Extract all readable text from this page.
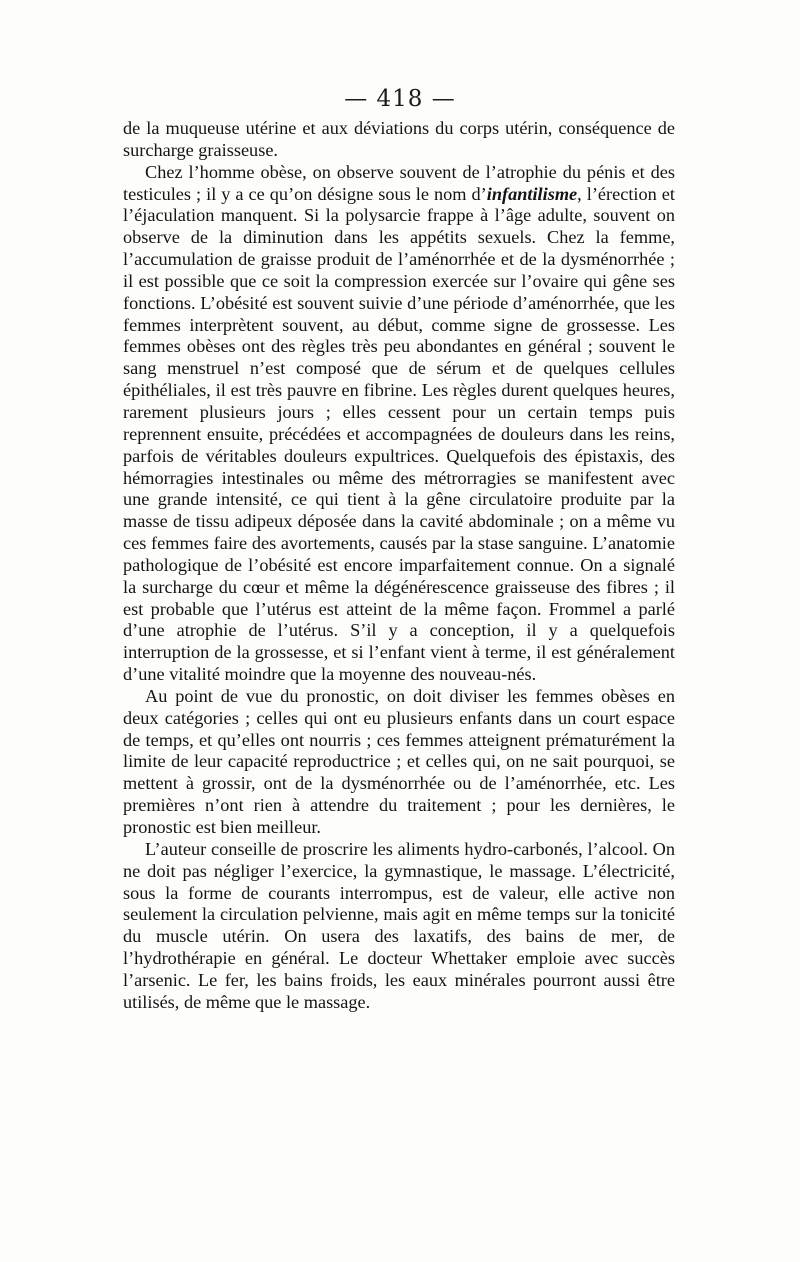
— 418 —

de la muqueuse utérine et aux déviations du corps utérin, conséquence de surcharge graisseuse.

Chez l’homme obèse, on observe souvent de l’atrophie du pénis et des testicules ; il y a ce qu’on désigne sous le nom d’infantilisme, l’érection et l’éjaculation manquent. Si la polysarcie frappe à l’âge adulte, souvent on observe de la diminution dans les appétits sexuels. Chez la femme, l’accumulation de graisse produit de l’aménorrhée et de la dysménorrhée ; il est possible que ce soit la compression exercée sur l’ovaire qui gêne ses fonctions. L’obésité est souvent suivie d’une période d’aménorrhée, que les femmes interprètent souvent, au début, comme signe de grossesse. Les femmes obèses ont des règles très peu abondantes en général ; souvent le sang menstruel n’est composé que de sérum et de quelques cellules épithéliales, il est très pauvre en fibrine. Les règles durent quelques heures, rarement plusieurs jours ; elles cessent pour un certain temps puis reprennent ensuite, précédées et accompagnées de douleurs dans les reins, parfois de véritables douleurs expultrices. Quelquefois des épistaxis, des hémorragies intestinales ou même des métrorragies se manifestent avec une grande intensité, ce qui tient à la gêne circulatoire produite par la masse de tissu adipeux déposée dans la cavité abdominale ; on a même vu ces femmes faire des avortements, causés par la stase sanguine. L’anatomie pathologique de l’obésité est encore imparfaitement connue. On a signalé la surcharge du cœur et même la dégénérescence graisseuse des fibres ; il est probable que l’utérus est atteint de la même façon. Frommel a parlé d’une atrophie de l’utérus. S’il y a conception, il y a quelquefois interruption de la grossesse, et si l’enfant vient à terme, il est généralement d’une vitalité moindre que la moyenne des nouveau-nés.

Au point de vue du pronostic, on doit diviser les femmes obèses en deux catégories ; celles qui ont eu plusieurs enfants dans un court espace de temps, et qu’elles ont nourris ; ces femmes atteignent prématurément la limite de leur capacité reproductrice ; et celles qui, on ne sait pourquoi, se mettent à grossir, ont de la dysménorrhée ou de l’aménorrhée, etc. Les premières n’ont rien à attendre du traitement ; pour les dernières, le pronostic est bien meilleur.

L’auteur conseille de proscrire les aliments hydro-carbonés, l’alcool. On ne doit pas négliger l’exercice, la gymnastique, le massage. L’électricité, sous la forme de courants interrompus, est de valeur, elle active non seulement la circulation pelvienne, mais agit en même temps sur la tonicité du muscle utérin. On usera des laxatifs, des bains de mer, de l’hydrothérapie en général. Le docteur Whettaker emploie avec succès l’arsenic. Le fer, les bains froids, les eaux minérales pourront aussi être utilisés, de même que le massage.
